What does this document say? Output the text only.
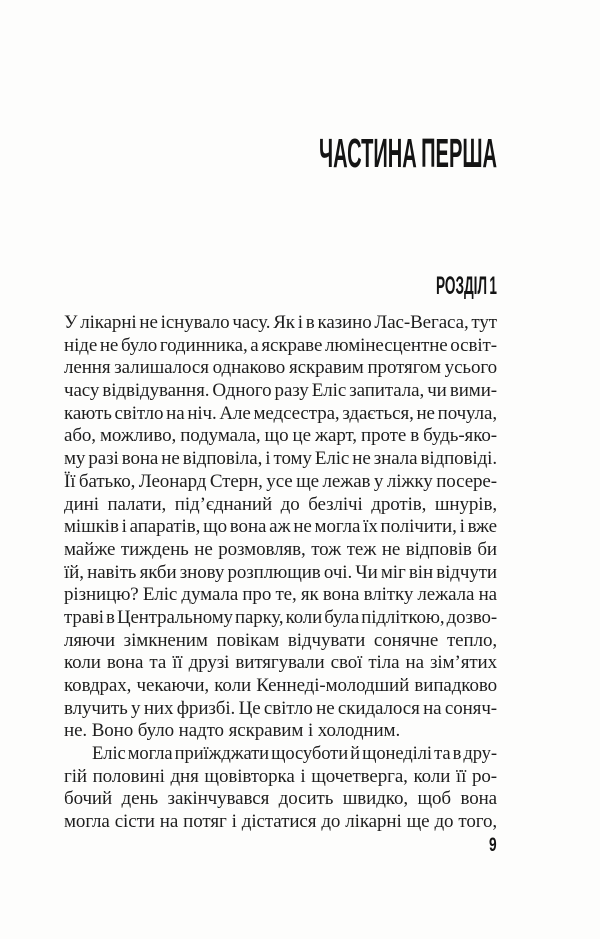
ЧАСТИНА ПЕРША
РОЗДІЛ 1
У лікарні не існувало часу. Як і в казино Лас-Вегаса, тут
ніде не було годинника, а яскраве люмінесцентне освіт-
лення залишалося однаково яскравим протягом усього
часу відвідування. Одного разу Еліс запитала, чи вими-
кають світло на ніч. Але медсестра, здається, не почула,
або, можливо, подумала, що це жарт, проте в будь-яко-
му разі вона не відповіла, і тому Еліс не знала відповіді.
Її батько, Леонард Стерн, усе ще лежав у ліжку посере-
дині палати, під’єднаний до безлічі дротів, шнурів,
мішків і апаратів, що вона аж не могла їх полічити, і вже
майже тиждень не розмовляв, тож теж не відповів би
їй, навіть якби знову розплющив очі. Чи міг він відчути
різницю? Еліс думала про те, як вона влітку лежала на
траві в Центральному парку, коли була підліткою, дозво-
ляючи зімкненим повікам відчувати сонячне тепло,
коли вона та її друзі витягували свої тіла на зім’ятих
ковдрах, чекаючи, коли Кеннеді-молодший випадково
влучить у них фризбі. Це світло не скидалося на соняч-
не. Воно було надто яскравим і холодним.
Еліс могла приїжджати щосуботи й щонеділі та в дру-
гій половині дня щовівторка і щочетверга, коли її ро-
бочий день закінчувався досить швидко, щоб вона
могла сісти на потяг і дістатися до лікарні ще до того,
9
